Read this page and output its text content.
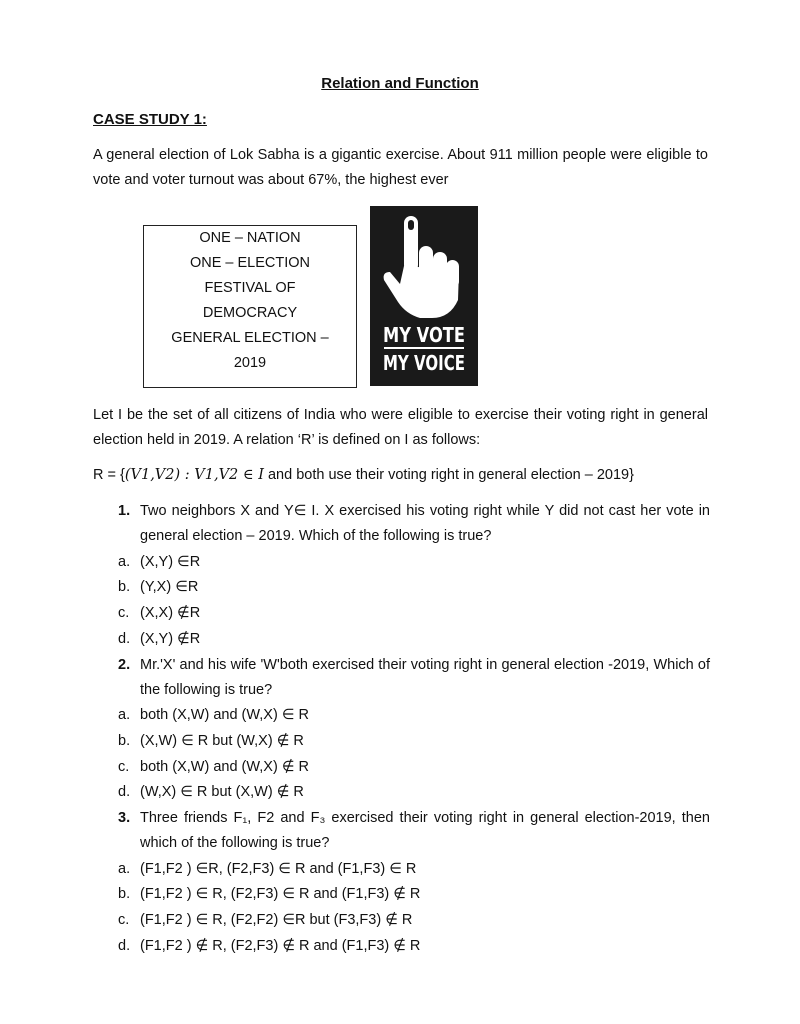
Relation and Function
CASE STUDY 1:
A general election of Lok Sabha is a gigantic exercise. About 911 million people were eligible to vote and voter turnout was about 67%, the highest ever
ONE – NATION
ONE – ELECTION
FESTIVAL OF
DEMOCRACY
GENERAL ELECTION –
2019
MY VOTE
MY VOICE
Let I be the set of all citizens of India who were eligible to exercise their voting right in general election held in 2019. A relation ‘R’ is defined on I as follows:
R = {(V1,V2) : V1,V2 ∈ I and both use their voting right in general election – 2019}
1. Two neighbors X and Y∈ I. X exercised his voting right while Y did not cast her vote in general election – 2019. Which of the following is true?
a. (X,Y) ∈R
b. (Y,X) ∈R
c. (X,X) ∉R
d. (X,Y) ∉R
2. Mr.'X' and his wife 'W'both exercised their voting right in general election -2019, Which of the following is true?
a. both (X,W) and (W,X) ∈ R
b. (X,W) ∈ R but (W,X) ∉ R
c. both (X,W) and (W,X) ∉ R
d. (W,X) ∈ R but (X,W) ∉ R
3. Three friends F₁, F2 and F₃ exercised their voting right in general election-2019, then which of the following is true?
a. (F1,F2 ) ∈R, (F2,F3) ∈ R and (F1,F3) ∈ R
b. (F1,F2 ) ∈ R, (F2,F3) ∈ R and (F1,F3) ∉ R
c. (F1,F2 ) ∈ R, (F2,F2) ∈R but (F3,F3) ∉ R
d. (F1,F2 ) ∉ R, (F2,F3) ∉ R and (F1,F3) ∉ R
